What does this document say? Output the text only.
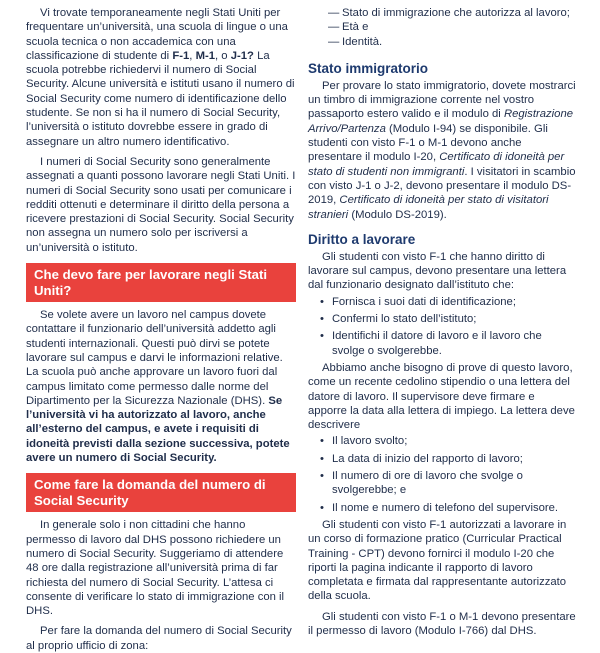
Vi trovate temporaneamente negli Stati Uniti per frequentare un’università, una scuola di lingue o una scuola tecnica o non accademica con una classificazione di studente di F-1, M-1, o J-1? La scuola potrebbe richiedervi il numero di Social Security. Alcune università e istituti usano il numero di Social Security come numero di identificazione dello studente. Se non si ha il numero di Social Security, l’università o istituto dovrebbe essere in grado di assegnare un altro numero identificativo.

I numeri di Social Security sono generalmente assegnati a quanti possono lavorare negli Stati Uniti. I numeri di Social Security sono usati per comunicare i redditi ottenuti e determinare il diritto della persona a ricevere prestazioni di Social Security. Social Security non assegna un numero solo per iscriversi a un’università o istituto.

Che devo fare per lavorare negli Stati Uniti?

Se volete avere un lavoro nel campus dovete contattare il funzionario dell’università addetto agli studenti internazionali. Questi può dirvi se potete lavorare sul campus e darvi le informazioni relative. La scuola può anche approvare un lavoro fuori dal campus limitato come permesso dalle norme del Dipartimento per la Sicurezza Nazionale (DHS). Se l’università vi ha autorizzato al lavoro, anche all’esterno del campus, e avete i requisiti di idoneità previsti dalla sezione successiva, potete avere un numero di Social Security.

Come fare la domanda del numero di Social Security

In generale solo i non cittadini che hanno permesso di lavoro dal DHS possono richiedere un numero di Social Security. Suggeriamo di attendere 48 ore dalla registrazione all’università prima di far richiesta del numero di Social Security. L’attesa ci consente di verificare lo stato di immigrazione con il DHS.

Per fare la domanda del numero di Social Security al proprio ufficio di zona:

— Stato di immigrazione che autorizza al lavoro;
— Età e
— Identità.
Stato immigratorio

Per provare lo stato immigratorio, dovete mostrarci un timbro di immigrazione corrente nel vostro passaporto estero valido e il modulo di Registrazione Arrivo/Partenza (Modulo I-94) se disponibile. Gli studenti con visto F-1 o M-1 devono anche presentare il modulo I-20, Certificato di idoneità per stato di studenti non immigranti. I visitatori in scambio con visto J-1 o J-2, devono presentare il modulo DS-2019, Certificato di idoneità per stato di visitatori stranieri (Modulo DS-2019).

Diritto a lavorare

Gli studenti con visto F-1 che hanno diritto di lavorare sul campus, devono presentare una lettera dal funzionario designato dall’istituto che:

• Fornisca i suoi dati di identificazione;
• Confermi lo stato dell’istituto;
• Identifichi il datore di lavoro e il lavoro che svolge o svolgerebbe.

Abbiamo anche bisogno di prove di questo lavoro, come un recente cedolino stipendio o una lettera del datore di lavoro. Il supervisore deve firmare e apporre la data alla lettera di impiego. La lettera deve descrivere

• Il lavoro svolto;
• La data di inizio del rapporto di lavoro;
• Il numero di ore di lavoro che svolge o svolgerebbe; e
• Il nome e numero di telefono del supervisore.

Gli studenti con visto F-1 autorizzati a lavorare in un corso di formazione pratico (Curricular Practical Training - CPT) devono fornirci il modulo I-20 che riporti la pagina indicante il rapporto di lavoro completata e firmata dal rappresentante autorizzato della scuola.

Gli studenti con visto F-1 o M-1 devono presentare il permesso di lavoro (Modulo I-766) dal DHS.
